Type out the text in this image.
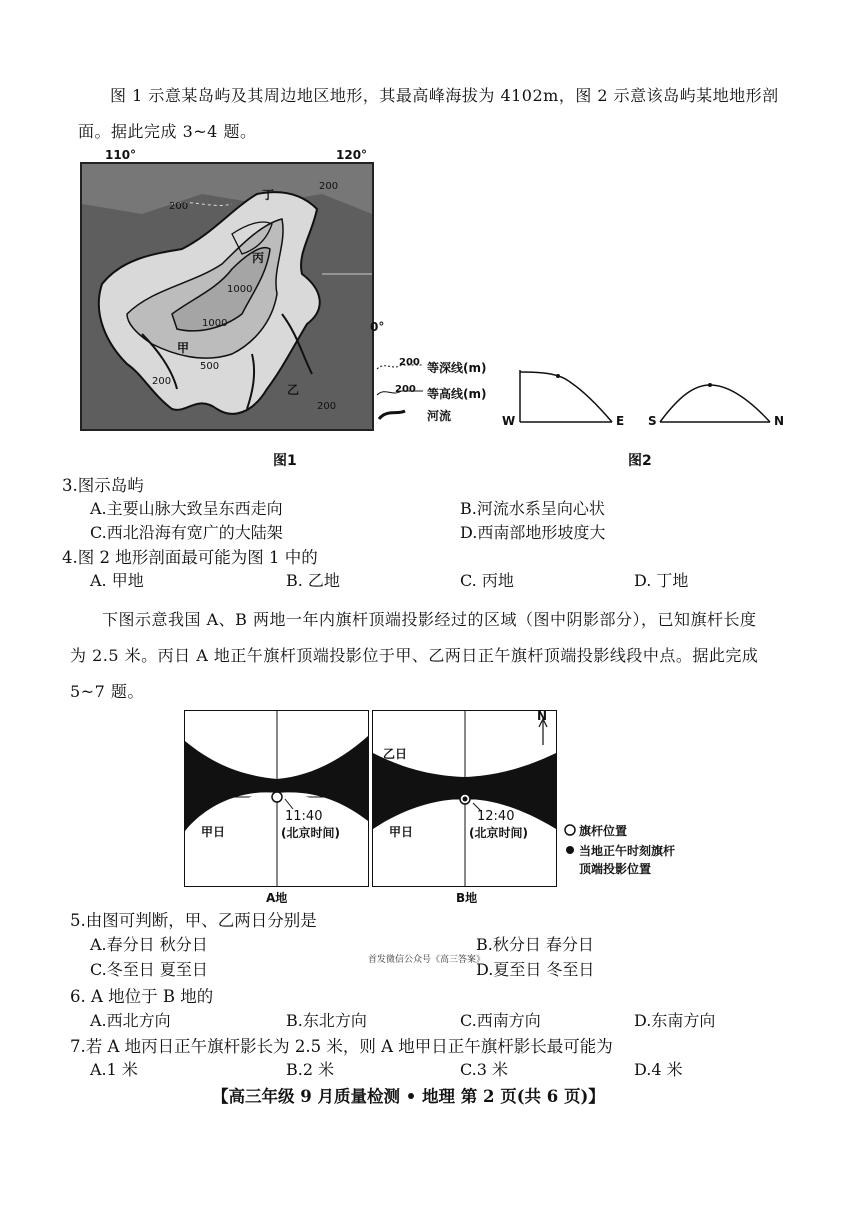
图 1 示意某岛屿及其周边地区地形，其最高峰海拔为 4102m，图 2 示意该岛屿某地地形剖
面。据此完成 3~4 题。
110°	120°
200
200
200
200
1000
1000
500
甲
丁
丙
乙
0°
200
200
等深线(m)
等高线(m)
河流
图1
W	E S	N
图2
3.图示岛屿
A.主要山脉大致呈东西走向	B.河流水系呈向心状
C.西北沿海有宽广的大陆架	D.西南部地形坡度大
4.图 2 地形剖面最可能为图 1 中的
A. 甲地	B. 乙地	C. 丙地	D. 丁地
下图示意我国 A、B 两地一年内旗杆顶端投影经过的区域（图中阴影部分），已知旗杆长度
为 2.5 米。丙日 A 地正午旗杆顶端投影位于甲、乙两日正午旗杆顶端投影线段中点。据此完成
5~7 题。
乙日
N
甲日
11:40
(北京时间)
A地
乙日
N
甲日
12:40
(北京时间)
B地
旗杆位置
当地正午时刻旗杆
顶端投影位置
5.由图可判断，甲、乙两日分别是
A.春分日 秋分日	B.秋分日 春分日
首发微信公众号《高三答案》
C.冬至日 夏至日	D.夏至日 冬至日
6. A 地位于 B 地的
A.西北方向	B.东北方向	C.西南方向	D.东南方向
7.若 A 地丙日正午旗杆影长为 2.5 米，则 A 地甲日正午旗杆影长最可能为
A.1 米	B.2 米	C.3 米	D.4 米
【高三年级 9 月质量检测 • 地理 第 2 页(共 6 页)】
